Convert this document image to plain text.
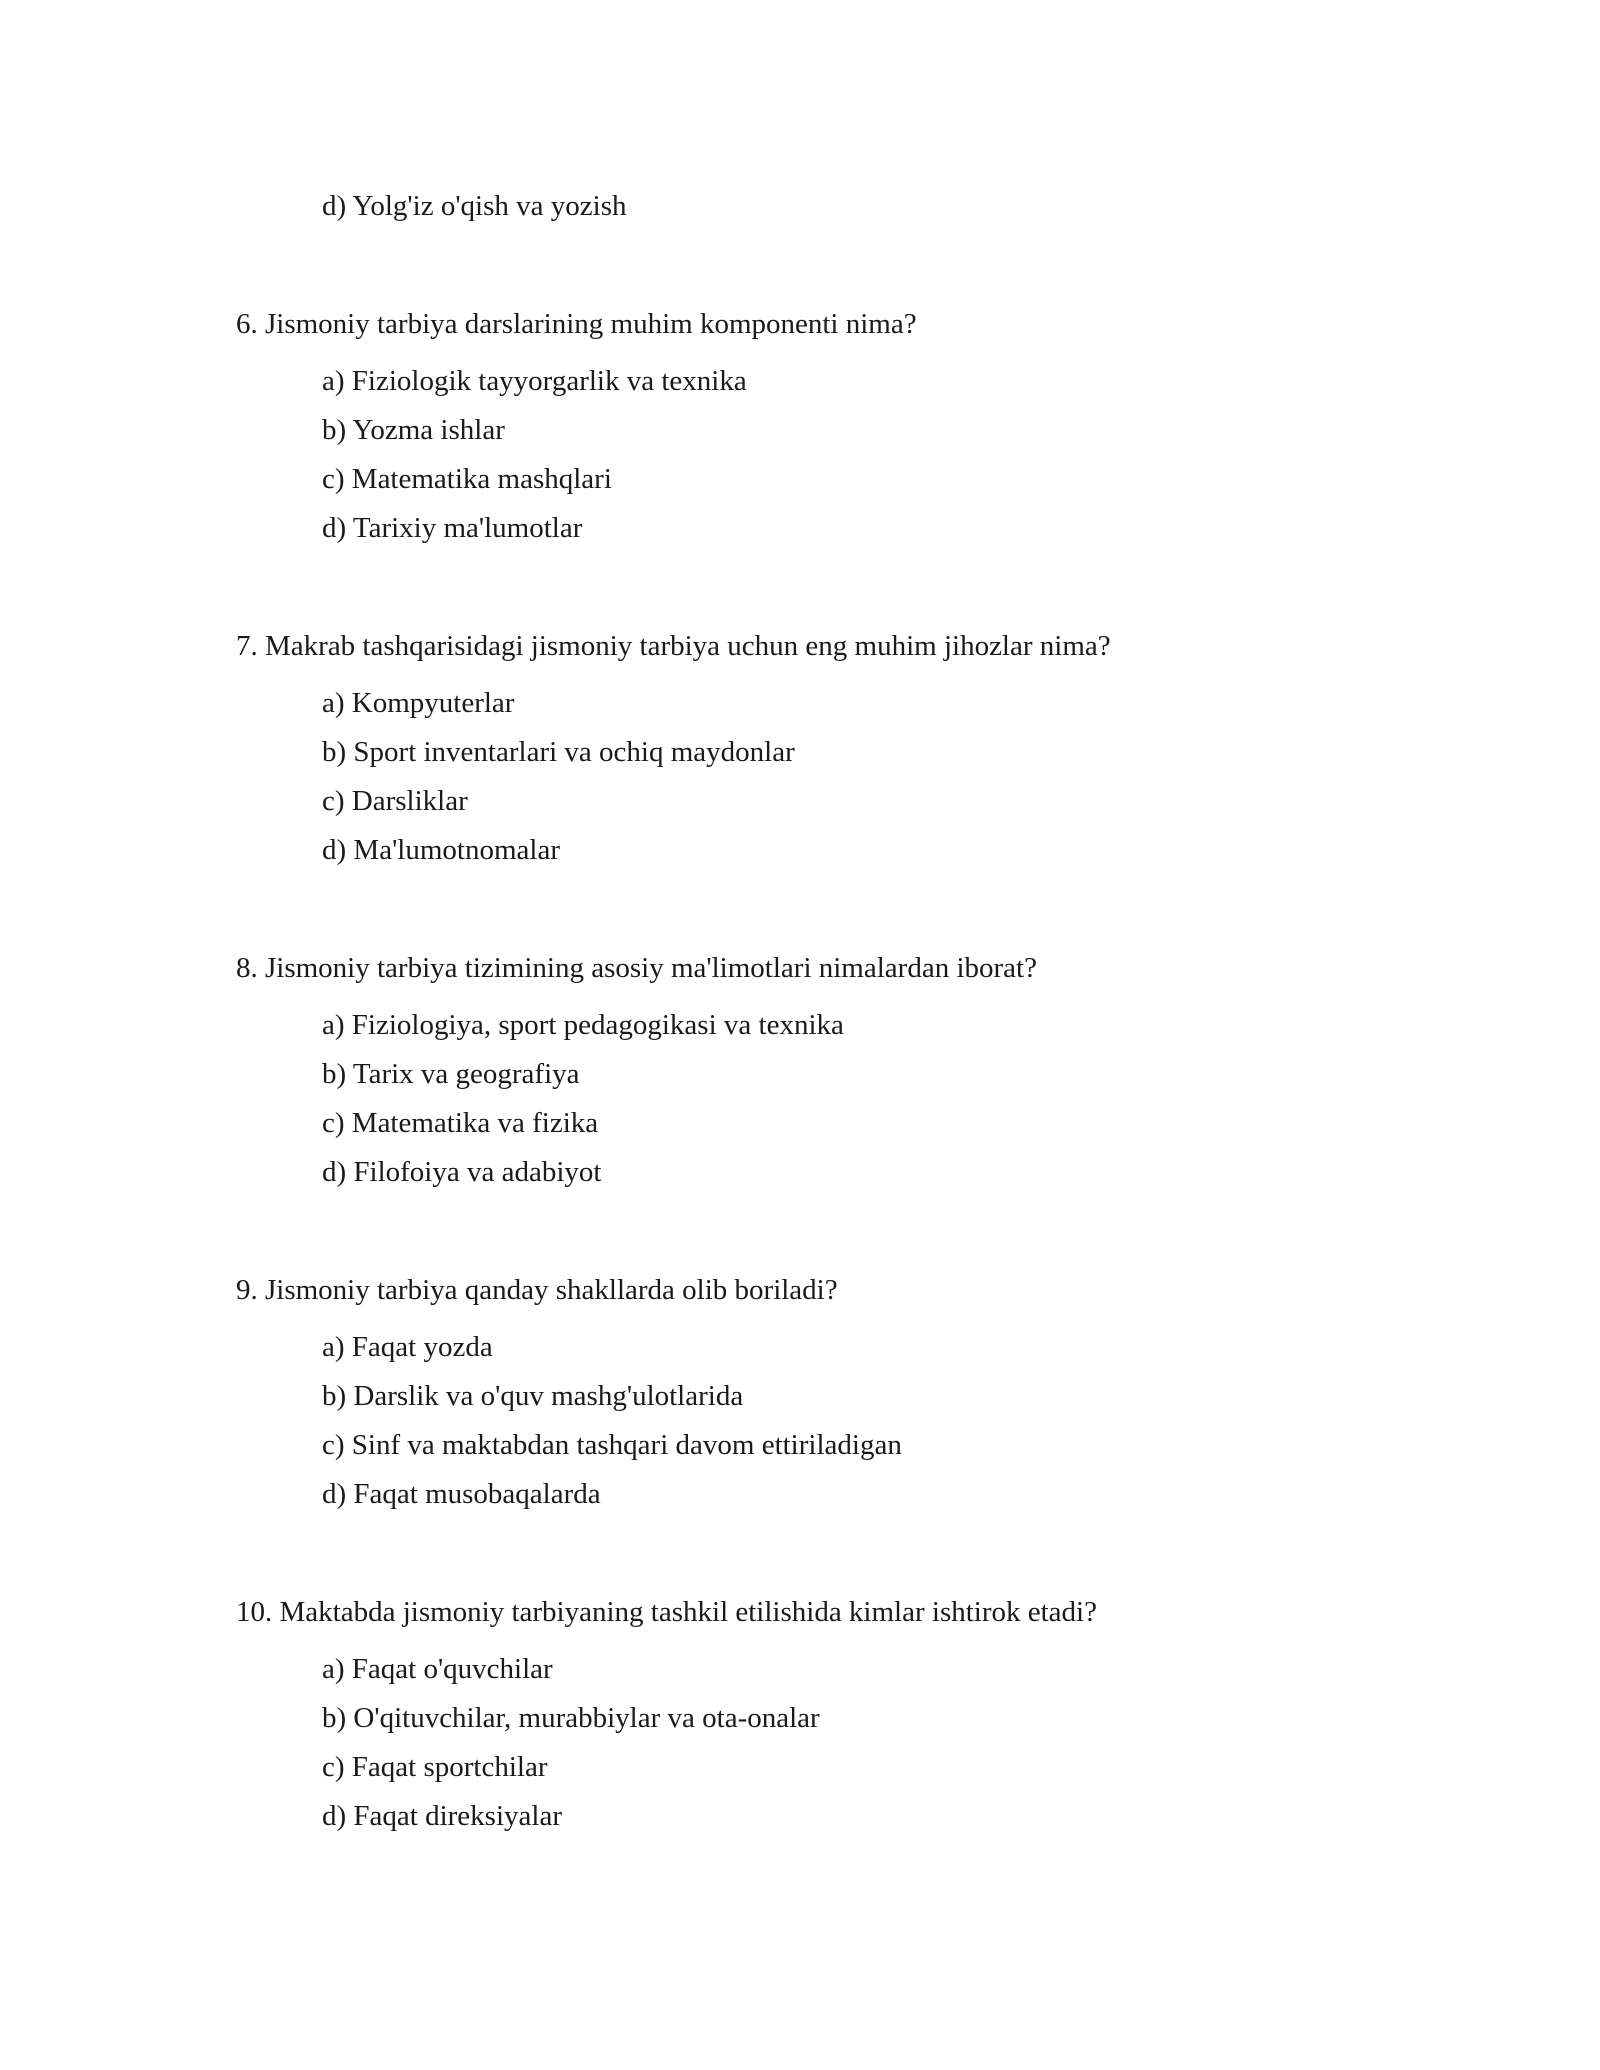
d) Yolg'iz o'qish va yozish
6. Jismoniy tarbiya darslarining muhim komponenti nima?
a) Fiziologik tayyorgarlik va texnika
b) Yozma ishlar
c) Matematika mashqlari
d) Tarixiy ma'lumotlar
7. Makrab tashqarisidagi jismoniy tarbiya uchun eng muhim jihozlar nima?
a) Kompyuterlar
b) Sport inventarlari va ochiq maydonlar
c) Darsliklar
d) Ma'lumotnomalar
8. Jismoniy tarbiya tizimining asosiy ma'limotlari nimalardan iborat?
a) Fiziologiya, sport pedagogikasi va texnika
b) Tarix va geografiya
c) Matematika va fizika
d) Filofoiya va adabiyot
9. Jismoniy tarbiya qanday shakllarda olib boriladi?
a) Faqat yozda
b) Darslik va o'quv mashg'ulotlarida
c) Sinf va maktabdan tashqari davom ettiriladigan
d) Faqat musobaqalarda
10. Maktabda jismoniy tarbiyaning tashkil etilishida kimlar ishtirok etadi?
a) Faqat o'quvchilar
b) O'qituvchilar, murabbiylar va ota-onalar
c) Faqat sportchilar
d) Faqat direksiyalar
